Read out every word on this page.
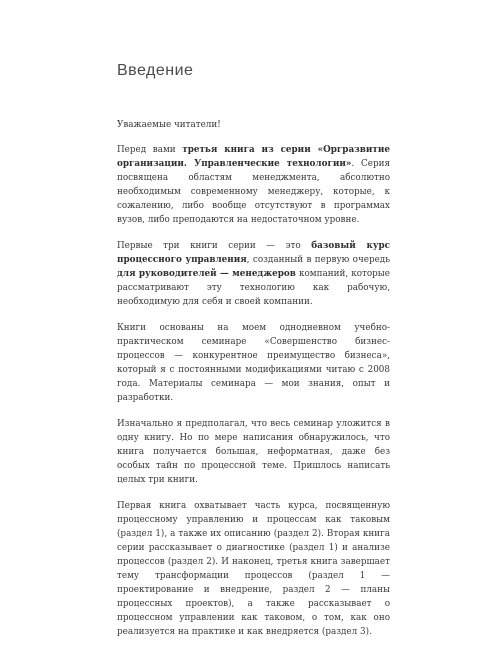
Введение

Уважаемые читатели!

Перед вами третья книга из серии «Оргразвитие организации. Управленческие технологии». Серия посвящена областям менеджмента, абсолютно необходимым современному менеджеру, которые, к сожалению, либо вообще отсутствуют в программах вузов, либо преподаются на недостаточном уровне.

Первые три книги серии — это базовый курс процессного управления, созданный в первую очередь для руководителей — менеджеров компаний, которые рассматривают эту технологию как рабочую, необходимую для себя и своей компании.

Книги основаны на моем однодневном учебно-практическом семинаре «Совершенство бизнес-процессов — конкурентное преимущество бизнеса», который я с постоянными модификациями читаю с 2008 года. Материалы семинара — мои знания, опыт и разработки.

Изначально я предполагал, что весь семинар уложится в одну книгу. Но по мере написания обнаружилось, что книга получается большая, неформатная, даже без особых тайн по процессной теме. Пришлось написать целых три книги.

Первая книга охватывает часть курса, посвященную процессному управлению и процессам как таковым (раздел 1), а также их описанию (раздел 2). Вторая книга серии рассказывает о диагностике (раздел 1) и анализе процессов (раздел 2). И наконец, третья книга завершает тему трансформации процессов (раздел 1 — проектирование и внедрение, раздел 2 — планы процессных проектов), а также рассказывает о процессном управлении как таковом, о том, как оно реализуется на практике и как внедряется (раздел 3).
